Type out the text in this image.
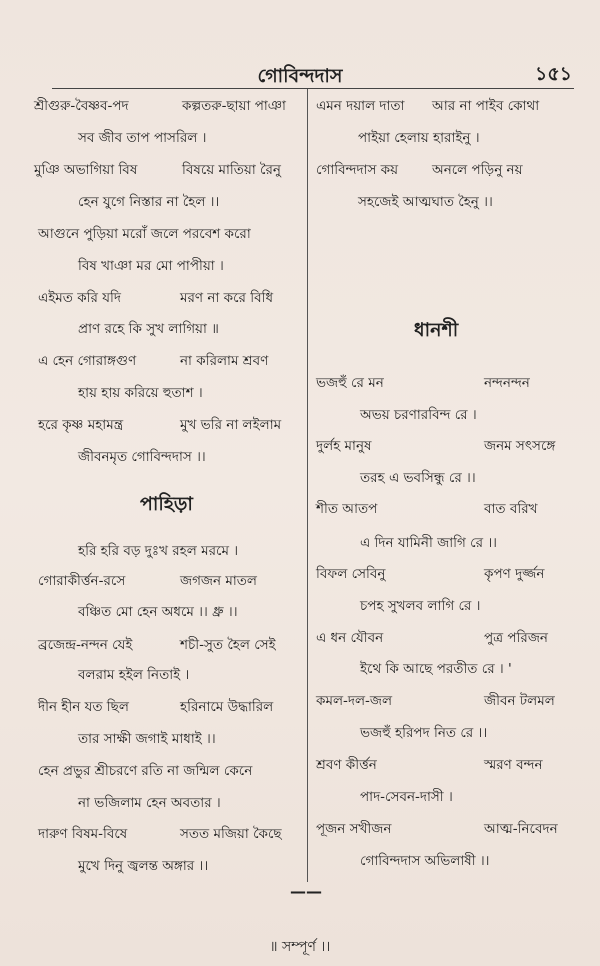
গোবিন্দদাস	১৫১
শ্রীগুরু-বৈষ্ণব-পদ	কল্পতরু-ছায়া পাঞা
সব জীব তাপ পাসরিল ।
মুঞি অভাগিয়া বিষ	বিষয়ে মাতিয়া রৈনু
হেন যুগে নিস্তার না হৈল ।।
আগুনে পুড়িয়া মরোঁ জলে পরবেশ করো
বিষ খাঞা মর মো পাপীয়া ।
এইমত করি যদি	মরণ না করে বিধি
প্রাণ রহে কি সুখ লাগিয়া ॥
এ হেন গোরাঙ্গগুণ	না করিলাম শ্রবণ
হায় হায় করিয়ে হুতাশ ।
হরে কৃষ্ণ মহামন্ত্র	মুখ ভরি না লইলাম
জীবনমৃত গোবিন্দদাস ।।
পাহিড়া
হরি হরি বড় দুঃখ রহল মরমে ।
গোরাকীর্ত্তন-রসে	জগজন মাতল
বঞ্চিত মো হেন অধমে ।। ধ্রু ।।
ব্রজেন্দ্র-নন্দন যেই	শচী-সুত হৈল সেই
বলরাম হইল নিতাই ।
দীন হীন যত ছিল	হরিনামে উদ্ধারিল
তার সাক্ষী জগাই মাধাই ।।
হেন প্রভুর শ্রীচরণে রতি না জন্মিল কেনে
না ভজিলাম হেন অবতার ।
দারুণ বিষম-বিষে	সতত মজিয়া কৈছে
মুখে দিনু জ্বলন্ত অঙ্গার ।।
এমন দয়াল দাতা আর না পাইব কোথা
পাইয়া হেলায় হারাইনু ।
গোবিন্দদাস কয়	অনলে পড়িনু নয়
সহজেই আত্মঘাত হৈনু ।।
ধানশী
ভজহুঁ রে মন	নন্দনন্দন
অভয় চরণারবিন্দ রে ।
দুর্লহ মানুষ	জনম সৎসঙ্গে
তরহ এ ভবসিন্ধু রে ।।
শীত আতপ	বাত বরিখ
এ দিন যামিনী জাগি রে ।।
বিফল সেবিনু	কৃপণ দুর্জ্জন
চপহ সুখলব লাগি রে ।
এ ধন যৌবন	পুত্র পরিজন
ইথে কি আছে পরতীত রে । '
কমল-দল-জল	জীবন টলমল
ভজহুঁ হরিপদ নিত রে ।।
শ্রবণ কীর্ত্তন	স্মরণ বন্দন
পাদ-সেবন-দাসী ।
পূজন সখীজন	আত্ম-নিবেদন
গোবিন্দদাস অভিলাষী ।।
——
॥ সম্পূর্ণ ।।
